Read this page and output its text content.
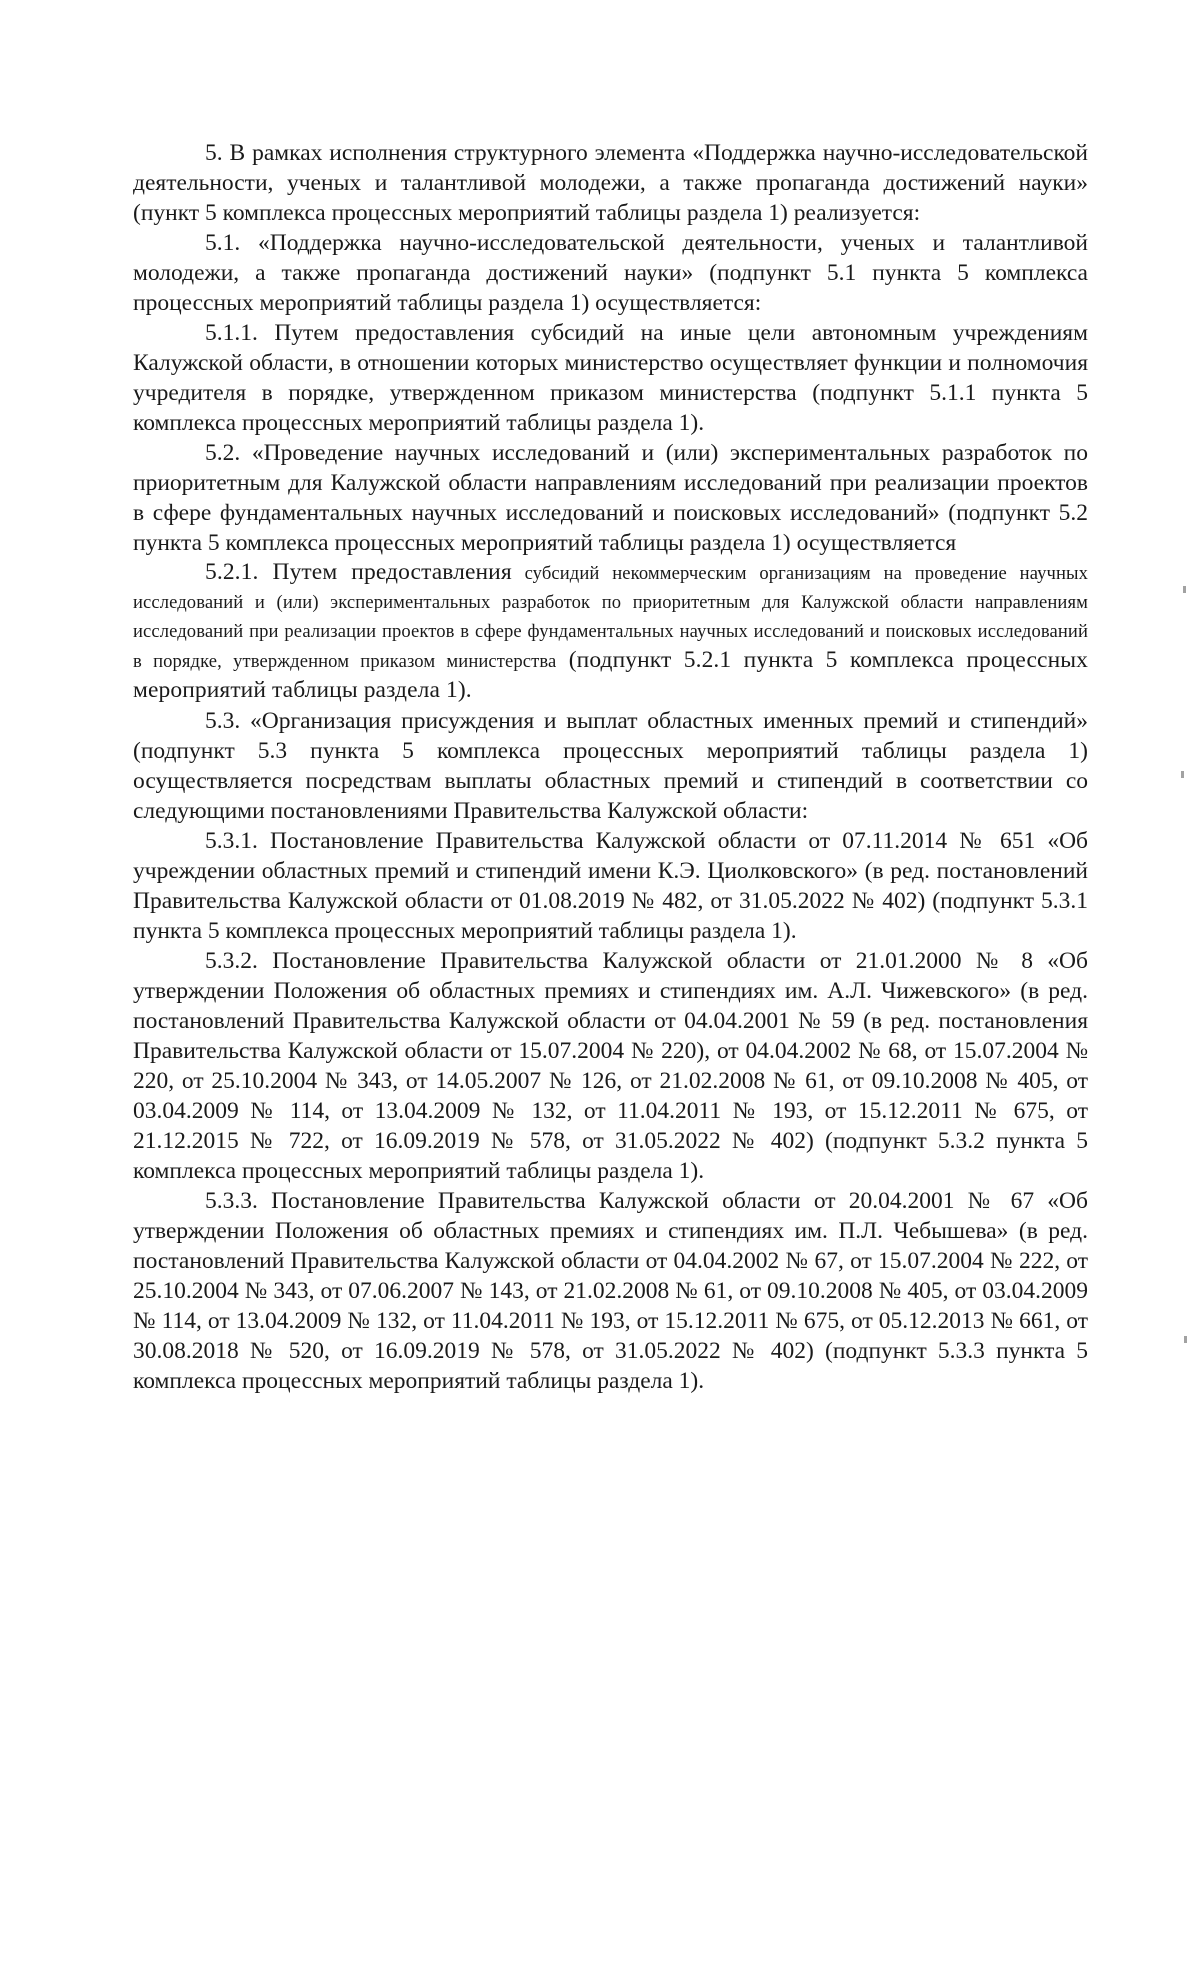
5. В рамках исполнения структурного элемента «Поддержка научно-исследовательской деятельности, ученых и талантливой молодежи, а также пропаганда достижений науки» (пункт 5 комплекса процессных мероприятий таблицы раздела 1) реализуется:

5.1. «Поддержка научно-исследовательской деятельности, ученых и талантливой молодежи, а также пропаганда достижений науки» (подпункт 5.1 пункта 5 комплекса процессных мероприятий таблицы раздела 1) осуществляется:

5.1.1. Путем предоставления субсидий на иные цели автономным учреждениям Калужской области, в отношении которых министерство осуществляет функции и полномочия учредителя в порядке, утвержденном приказом министерства (подпункт 5.1.1 пункта 5 комплекса процессных мероприятий таблицы раздела 1).

5.2. «Проведение научных исследований и (или) экспериментальных разработок по приоритетным для Калужской области направлениям исследований при реализации проектов в сфере фундаментальных научных исследований и поисковых исследований» (подпункт 5.2 пункта 5 комплекса процессных мероприятий таблицы раздела 1) осуществляется

5.2.1. Путем предоставления субсидий некоммерческим организациям на проведение научных исследований и (или) экспериментальных разработок по приоритетным для Калужской области направлениям исследований при реализации проектов в сфере фундаментальных научных исследований и поисковых исследований в порядке, утвержденном приказом министерства (подпункт 5.2.1 пункта 5 комплекса процессных мероприятий таблицы раздела 1).

5.3. «Организация присуждения и выплат областных именных премий и стипендий» (подпункт 5.3 пункта 5 комплекса процессных мероприятий таблицы раздела 1) осуществляется посредствам выплаты областных премий и стипендий в соответствии со следующими постановлениями Правительства Калужской области:

5.3.1. Постановление Правительства Калужской области от 07.11.2014 № 651 «Об учреждении областных премий и стипендий имени К.Э. Циолковского» (в ред. постановлений Правительства Калужской области от 01.08.2019 № 482, от 31.05.2022 № 402) (подпункт 5.3.1 пункта 5 комплекса процессных мероприятий таблицы раздела 1).

5.3.2. Постановление Правительства Калужской области от 21.01.2000 № 8 «Об утверждении Положения об областных премиях и стипендиях им. А.Л. Чижевского» (в ред. постановлений Правительства Калужской области от 04.04.2001 № 59 (в ред. постановления Правительства Калужской области от 15.07.2004 № 220), от 04.04.2002 № 68, от 15.07.2004 № 220, от 25.10.2004 № 343, от 14.05.2007 № 126, от 21.02.2008 № 61, от 09.10.2008 № 405, от 03.04.2009 № 114, от 13.04.2009 № 132, от 11.04.2011 № 193, от 15.12.2011 № 675, от 21.12.2015 № 722, от 16.09.2019 № 578, от 31.05.2022 № 402) (подпункт 5.3.2 пункта 5 комплекса процессных мероприятий таблицы раздела 1).

5.3.3. Постановление Правительства Калужской области от 20.04.2001 № 67 «Об утверждении Положения об областных премиях и стипендиях им. П.Л. Чебышева» (в ред. постановлений Правительства Калужской области от 04.04.2002 № 67, от 15.07.2004 № 222, от 25.10.2004 № 343, от 07.06.2007 № 143, от 21.02.2008 № 61, от 09.10.2008 № 405, от 03.04.2009 № 114, от 13.04.2009 № 132, от 11.04.2011 № 193, от 15.12.2011 № 675, от 05.12.2013 № 661, от 30.08.2018 № 520, от 16.09.2019 № 578, от 31.05.2022 № 402) (подпункт 5.3.3 пункта 5 комплекса процессных мероприятий таблицы раздела 1).
